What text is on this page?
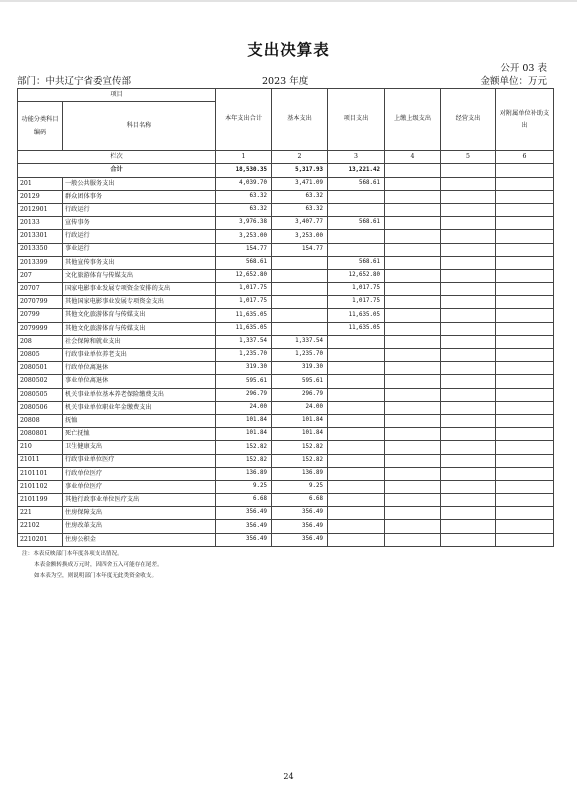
支出决算表
公开 03 表
部门：中共辽宁省委宣传部	2023 年度	金额单位：万元
项目		本年支出合计	基本支出	项目支出	上缴上级支出	经营支出	对附属单位补助支出
功能分类科目编码	科目名称						
栏次		1	2	3	4	5	6
合计		18,530.35	5,317.93	13,221.42			
201	一般公共服务支出	4,039.70	3,471.09	568.61			
20129	群众团体事务	63.32	63.32				
2012901	行政运行	63.32	63.32				
20133	宣传事务	3,976.38	3,407.77	568.61			
2013301	行政运行	3,253.00	3,253.00				
2013350	事业运行	154.77	154.77				
2013399	其他宣传事务支出	568.61		568.61			
207	文化旅游体育与传媒支出	12,652.80		12,652.80			
20707	国家电影事业发展专项资金安排的支出	1,017.75		1,017.75			
2070799	其他国家电影事业发展专项资金支出	1,017.75		1,017.75			
20799	其他文化旅游体育与传媒支出	11,635.05		11,635.05			
2079999	其他文化旅游体育与传媒支出	11,635.05		11,635.05			
208	社会保障和就业支出	1,337.54	1,337.54				
20805	行政事业单位养老支出	1,235.70	1,235.70				
2080501	行政单位离退休	319.30	319.30				
2080502	事业单位离退休	595.61	595.61				
2080505	机关事业单位基本养老保险缴费支出	296.79	296.79				
2080506	机关事业单位职业年金缴费支出	24.00	24.00				
20808	抚恤	101.84	101.84				
2080801	死亡抚恤	101.84	101.84				
210	卫生健康支出	152.82	152.82				
21011	行政事业单位医疗	152.82	152.82				
2101101	行政单位医疗	136.89	136.89				
2101102	事业单位医疗	9.25	9.25				
2101199	其他行政事业单位医疗支出	6.68	6.68				
221	住房保障支出	356.49	356.49				
22102	住房改革支出	356.49	356.49				
2210201	住房公积金	356.49	356.49				
注：本表反映部门本年度各项支出情况。
本表金额转换成万元时，因四舍五入可能存在尾差。
如本表为空，则说明部门本年度无此类资金收支。
24
